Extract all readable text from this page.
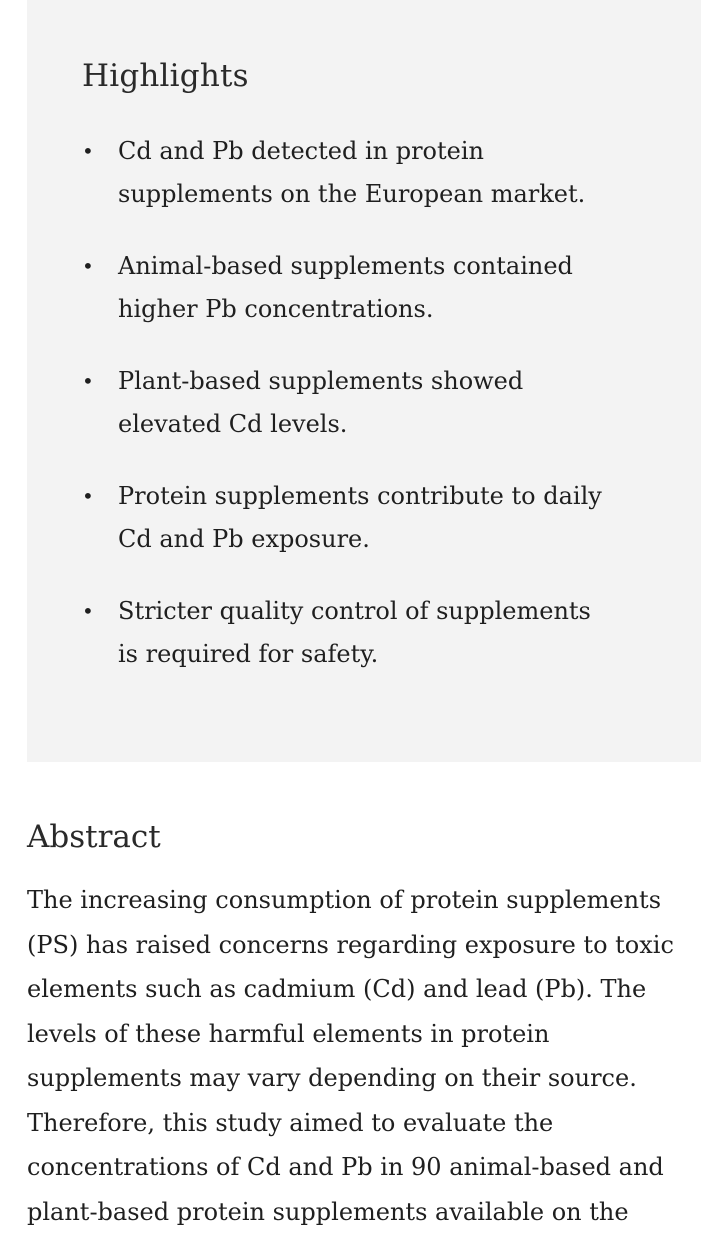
Highlights
• Cd and Pb detected in protein supplements on the European market.
• Animal-based supplements contained higher Pb concentrations.
• Plant-based supplements showed elevated Cd levels.
• Protein supplements contribute to daily Cd and Pb exposure.
• Stricter quality control of supplements is required for safety.
Abstract

The increasing consumption of protein supplements (PS) has raised concerns regarding exposure to toxic elements such as cadmium (Cd) and lead (Pb). The levels of these harmful elements in protein supplements may vary depending on their source. Therefore, this study aimed to evaluate the concentrations of Cd and Pb in 90 animal-based and plant-based protein supplements available on the
